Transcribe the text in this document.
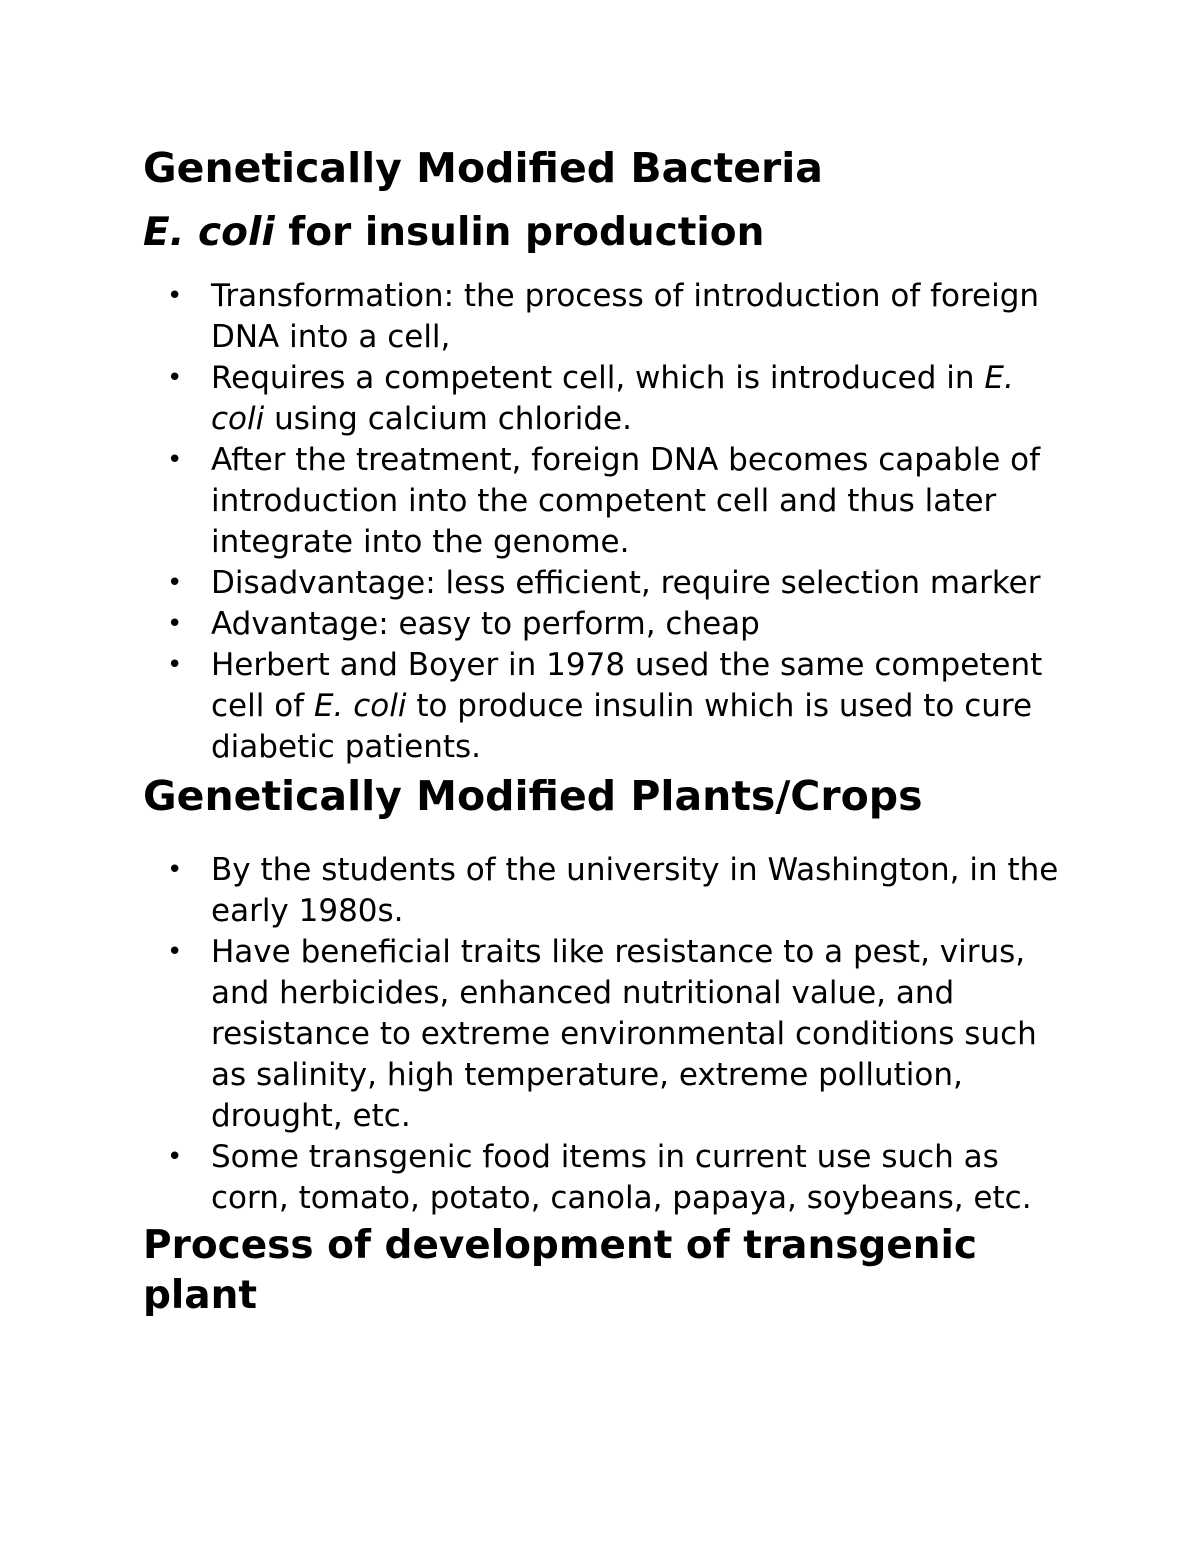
Genetically Modified Bacteria
E. coli for insulin production
• Transformation: the process of introduction of foreign DNA into a cell,
• Requires a competent cell, which is introduced in E. coli using calcium chloride.
• After the treatment, foreign DNA becomes capable of introduction into the competent cell and thus later integrate into the genome.
• Disadvantage: less efficient, require selection marker
• Advantage: easy to perform, cheap
• Herbert and Boyer in 1978 used the same competent cell of E. coli to produce insulin which is used to cure diabetic patients.
Genetically Modified Plants/Crops
• By the students of the university in Washington, in the early 1980s.
• Have beneficial traits like resistance to a pest, virus, and herbicides, enhanced nutritional value, and resistance to extreme environmental conditions such as salinity, high temperature, extreme pollution, drought, etc.
• Some transgenic food items in current use such as corn, tomato, potato, canola, papaya, soybeans, etc.
Process of development of transgenic plant
